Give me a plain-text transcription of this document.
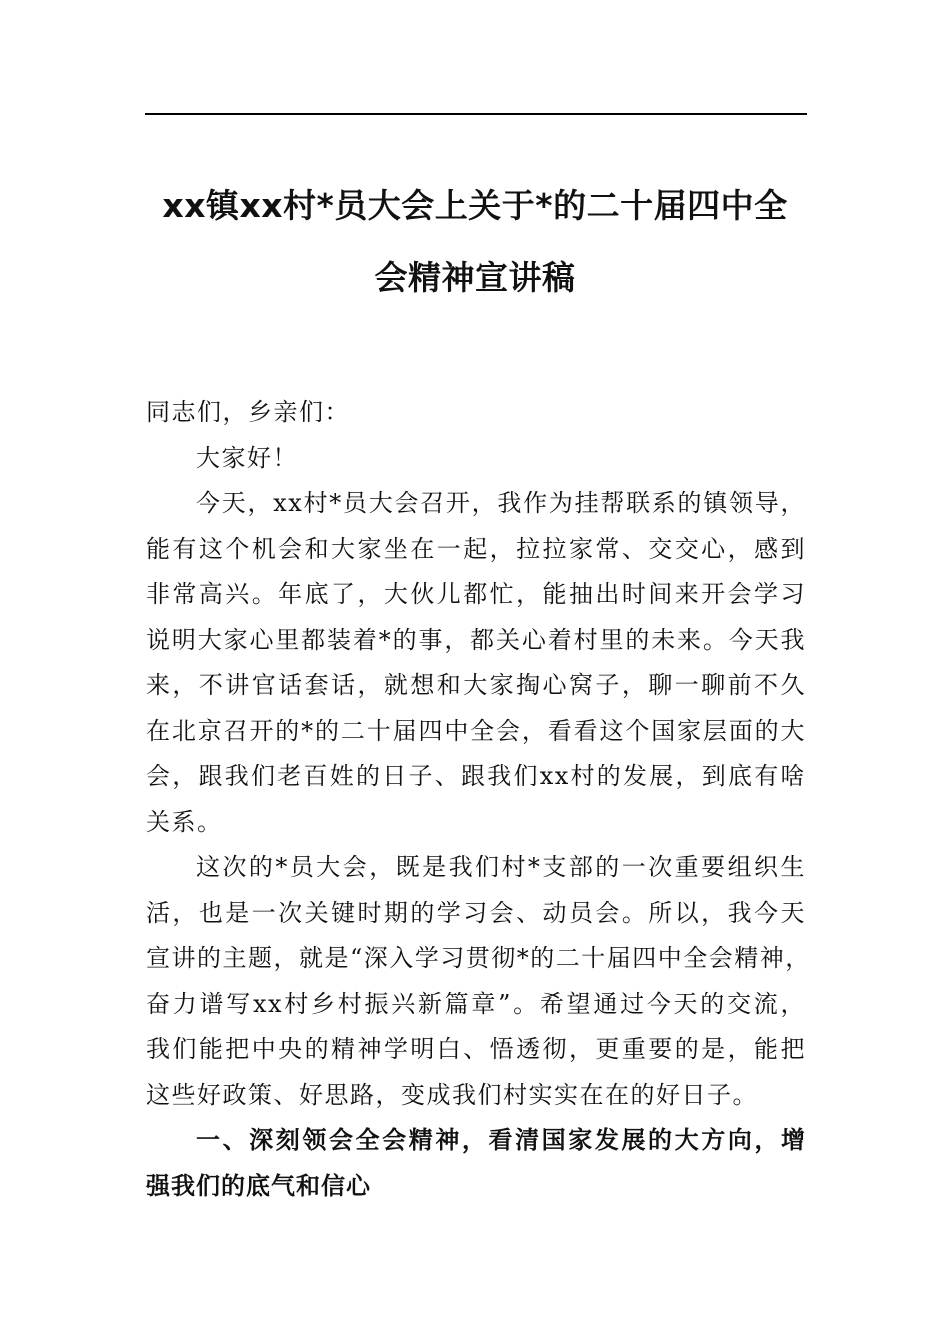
xx镇xx村*员大会上关于*的二十届四中全
会精神宣讲稿
同志们，乡亲们：
大家好！
今天，xx村*员大会召开，我作为挂帮联系的镇领导，
能有这个机会和大家坐在一起，拉拉家常、交交心，感到
非常高兴。年底了，大伙儿都忙，能抽出时间来开会学习
说明大家心里都装着*的事，都关心着村里的未来。今天我
来，不讲官话套话，就想和大家掏心窝子，聊一聊前不久
在北京召开的*的二十届四中全会，看看这个国家层面的大
会，跟我们老百姓的日子、跟我们xx村的发展，到底有啥
关系。
这次的*员大会，既是我们村*支部的一次重要组织生
活，也是一次关键时期的学习会、动员会。所以，我今天
宣讲的主题，就是“深入学习贯彻*的二十届四中全会精神，
奋力谱写xx村乡村振兴新篇章”。希望通过今天的交流，
我们能把中央的精神学明白、悟透彻，更重要的是，能把
这些好政策、好思路，变成我们村实实在在的好日子。
一、深刻领会全会精神，看清国家发展的大方向，增
强我们的底气和信心
